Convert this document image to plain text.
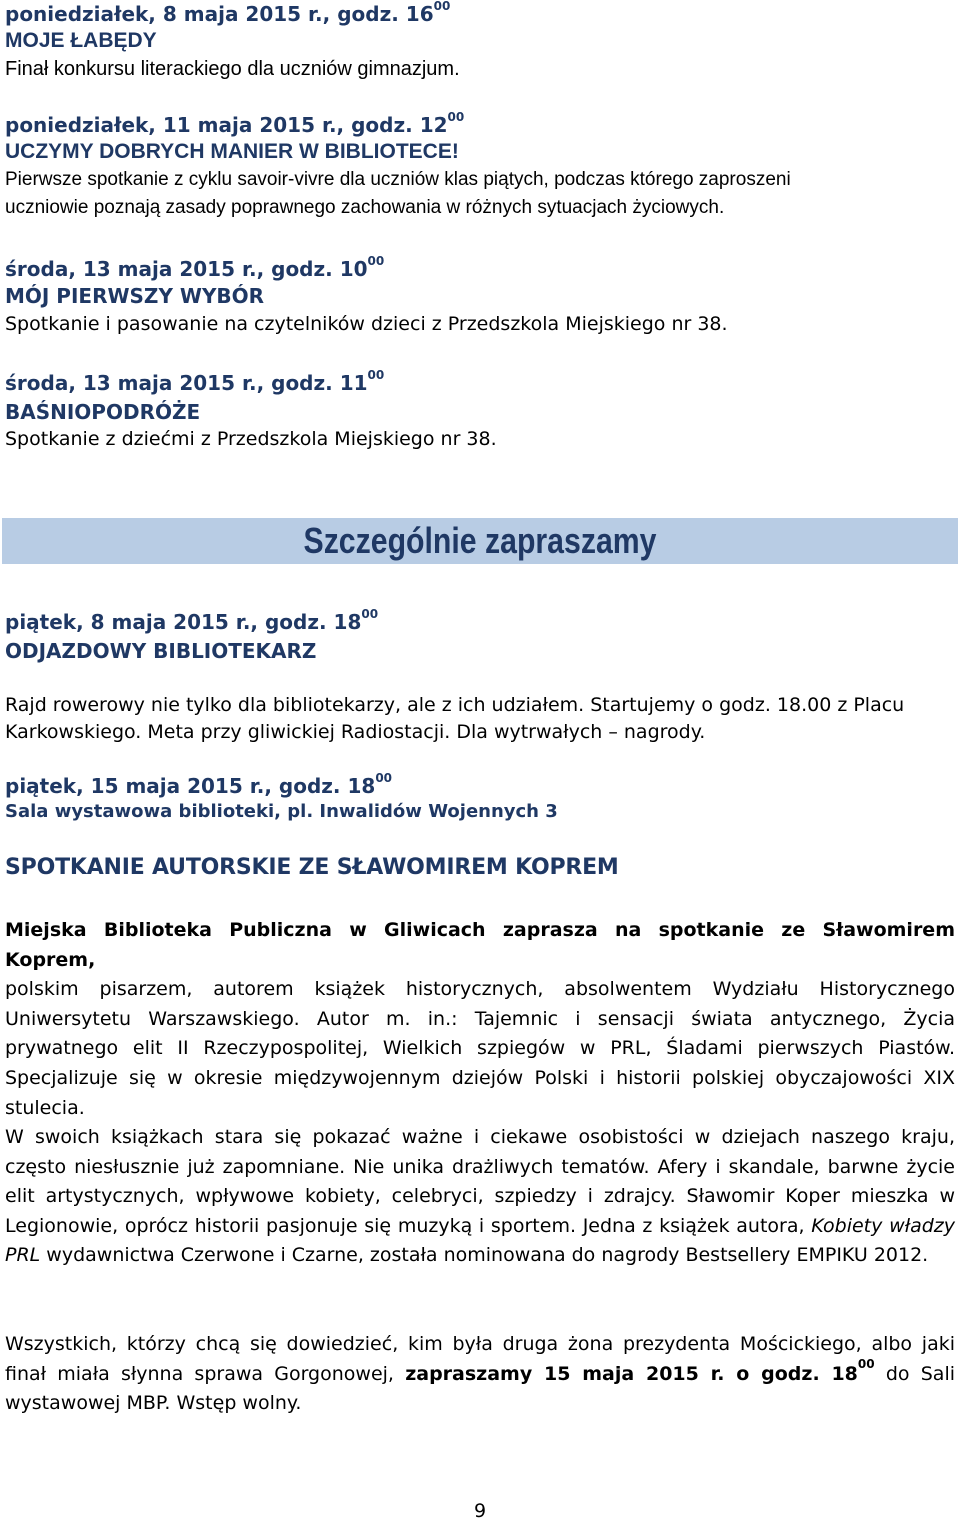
poniedziałek, 8 maja 2015 r., godz. $16^{00}$
MOJE ŁABĘDY
Finał konkursu literackiego dla uczniów gimnazjum.
poniedziałek, 11 maja 2015 r., godz. $12^{00}$
UCZYMY DOBRYCH MANIER W BIBLIOTECE!
Pierwsze spotkanie z cyklu savoir-vivre dla uczniów klas piątych, podczas którego zaproszeni
uczniowie poznają zasady poprawnego zachowania w różnych sytuacjach życiowych.
środa, 13 maja 2015 r., godz. $10^{00}$
MÓJ PIERWSZY WYBÓR
Spotkanie i pasowanie na czytelników dzieci z Przedszkola Miejskiego nr 38.
środa, 13 maja 2015 r., godz. $11^{00}$
BAŚNIOPODRÓŻE
Spotkanie z dziećmi z Przedszkola Miejskiego nr 38.
Szczególnie zapraszamy
piątek, 8 maja 2015 r., godz. $18^{00}$
ODJAZDOWY BIBLIOTEKARZ
Rajd rowerowy nie tylko dla bibliotekarzy, ale z ich udziałem. Startujemy o godz. 18.00 z Placu
Karkowskiego. Meta przy gliwickiej Radiostacji. Dla wytrwałych – nagrody.
piątek, 15 maja 2015 r., godz. $18^{00}$
Sala wystawowa biblioteki, pl. Inwalidów Wojennych 3
SPOTKANIE AUTORSKIE ZE SŁAWOMIREM KOPREM
Miejska Biblioteka Publiczna w Gliwicach zaprasza na spotkanie ze Sławomirem Koprem,
polskim pisarzem, autorem książek historycznych, absolwentem Wydziału Historycznego Uniwersytetu Warszawskiego. Autor m. in.: Tajemnic i sensacji świata antycznego, Życia prywatnego elit II Rzeczypospolitej, Wielkich szpiegów w PRL, Śladami pierwszych Piastów. Specjalizuje się w okresie międzywojennym dziejów Polski i historii polskiej obyczajowości XIX stulecia.
W swoich książkach stara się pokazać ważne i ciekawe osobistości w dziejach naszego kraju, często niesłusznie już zapomniane. Nie unika drażliwych tematów. Afery i skandale, barwne życie elit artystycznych, wpływowe kobiety, celebryci, szpiedzy i zdrajcy. Sławomir Koper mieszka w Legionowie, oprócz historii pasjonuje się muzyką i sportem. Jedna z książek autora, Kobiety władzy PRL wydawnictwa Czerwone i Czarne, została nominowana do nagrody Bestsellery EMPIKU 2012.
Wszystkich, którzy chcą się dowiedzieć, kim była druga żona prezydenta Mościckiego, albo jaki finał miała słynna sprawa Gorgonowej, zapraszamy 15 maja 2015 r. o godz. $18^{00}$ do Sali wystawowej MBP. Wstęp wolny.
9
